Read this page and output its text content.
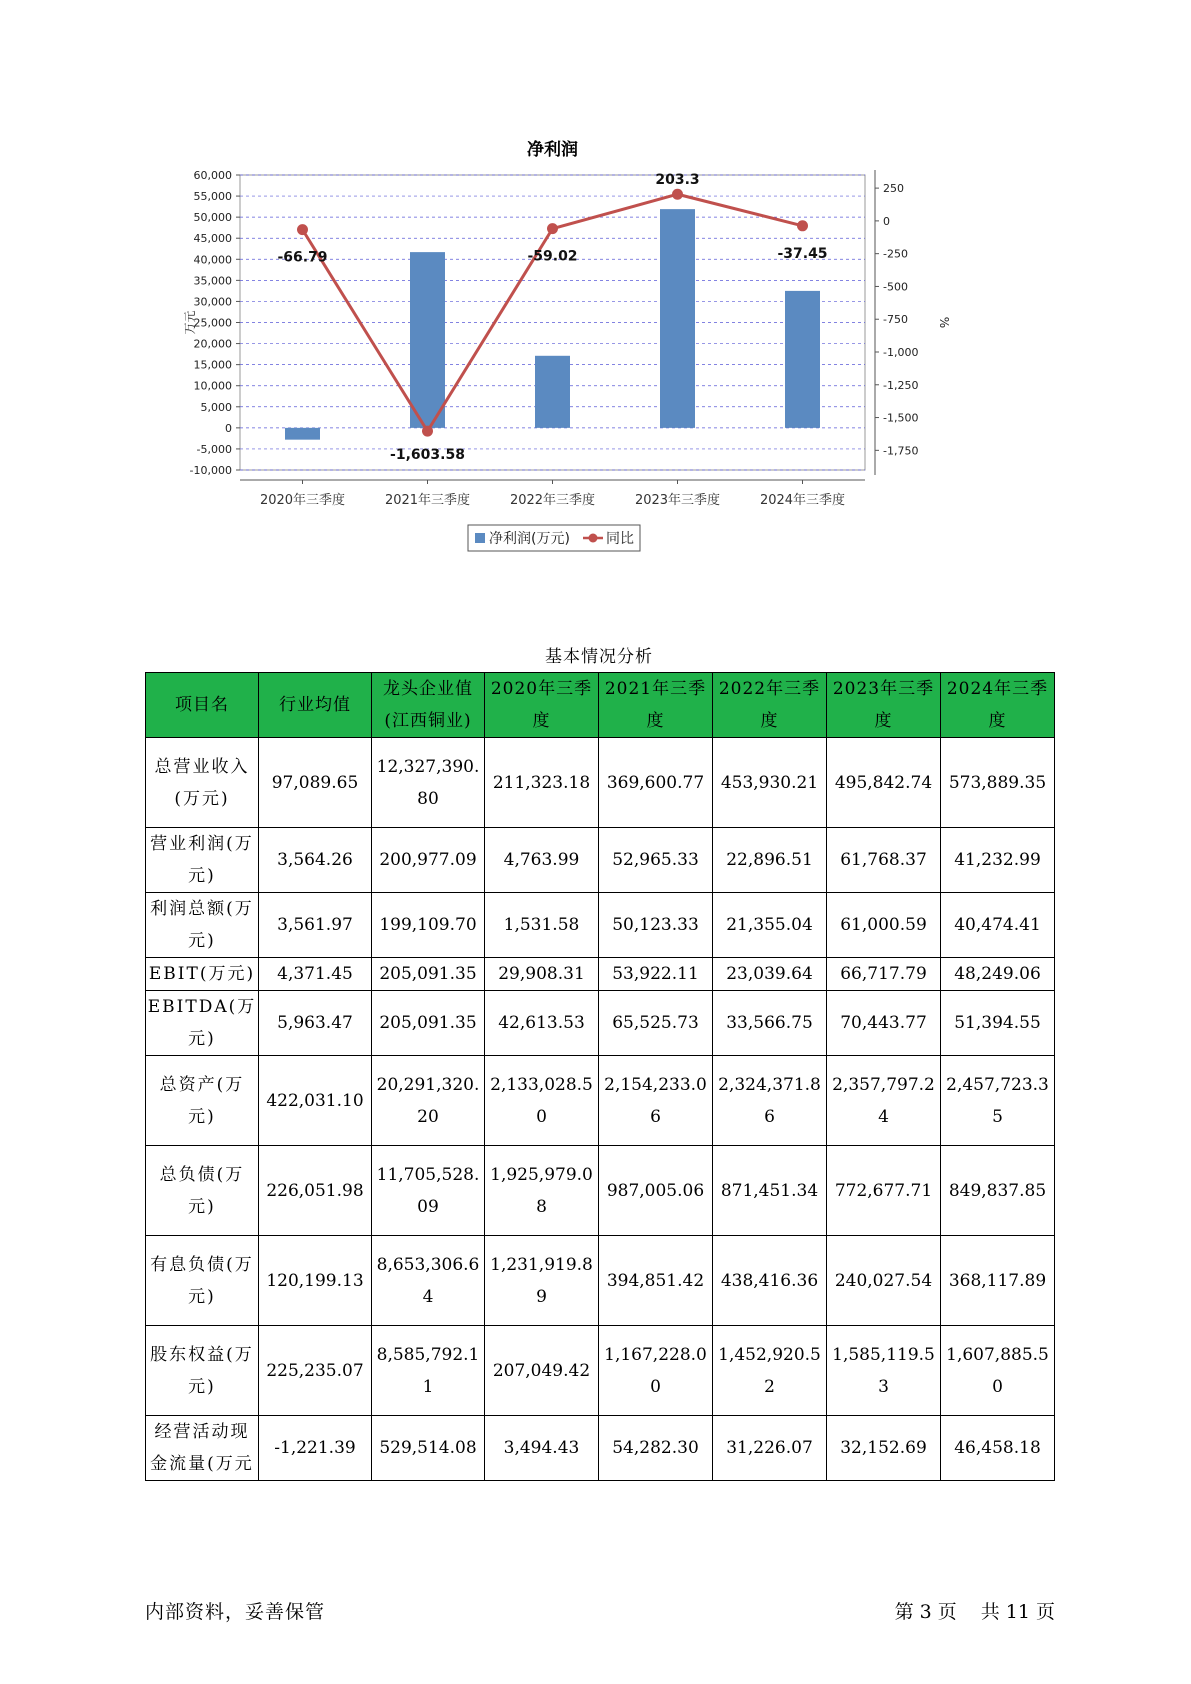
净利润
-10,000
-5,000
0
5,000
10,000
15,000
20,000
25,000
30,000
35,000
40,000
45,000
50,000
55,000
60,000
250
0
-250
-500
-750
-1,000
-1,250
-1,500
-1,750
万元	%
2020年三季度	2021年三季度	2022年三季度	2023年三季度	2024年三季度
-66.79
-1,603.58
-59.02
203.3
-37.45
净利润(万元)	同比
基本情况分析
项目名	行业均值	龙头企业值(江西铜业)	2020年三季度	2021年三季度	2022年三季度	2023年三季度	2024年三季度
总营业收入(万元)	97,089.65	12,327,390.80	211,323.18	369,600.77	453,930.21	495,842.74	573,889.35
营业利润(万元)	3,564.26	200,977.09	4,763.99	52,965.33	22,896.51	61,768.37	41,232.99
利润总额(万元)	3,561.97	199,109.70	1,531.58	50,123.33	21,355.04	61,000.59	40,474.41
EBIT(万元)	4,371.45	205,091.35	29,908.31	53,922.11	23,039.64	66,717.79	48,249.06
EBITDA(万元)	5,963.47	205,091.35	42,613.53	65,525.73	33,566.75	70,443.77	51,394.55
总资产(万元)	422,031.10	20,291,320.20	2,133,028.50	2,154,233.06	2,324,371.86	2,357,797.24	2,457,723.35
总负债(万元)	226,051.98	11,705,528.09	1,925,979.08	987,005.06	871,451.34	772,677.71	849,837.85
有息负债(万元)	120,199.13	8,653,306.64	1,231,919.89	394,851.42	438,416.36	240,027.54	368,117.89
股东权益(万元)	225,235.07	8,585,792.11	207,049.42	1,167,228.00	1,452,920.52	1,585,119.53	1,607,885.50
经营活动现金流量(万元	-1,221.39	529,514.08	3,494.43	54,282.30	31,226.07	32,152.69	46,458.18
内部资料，妥善保管	第 3 页 共 11 页
